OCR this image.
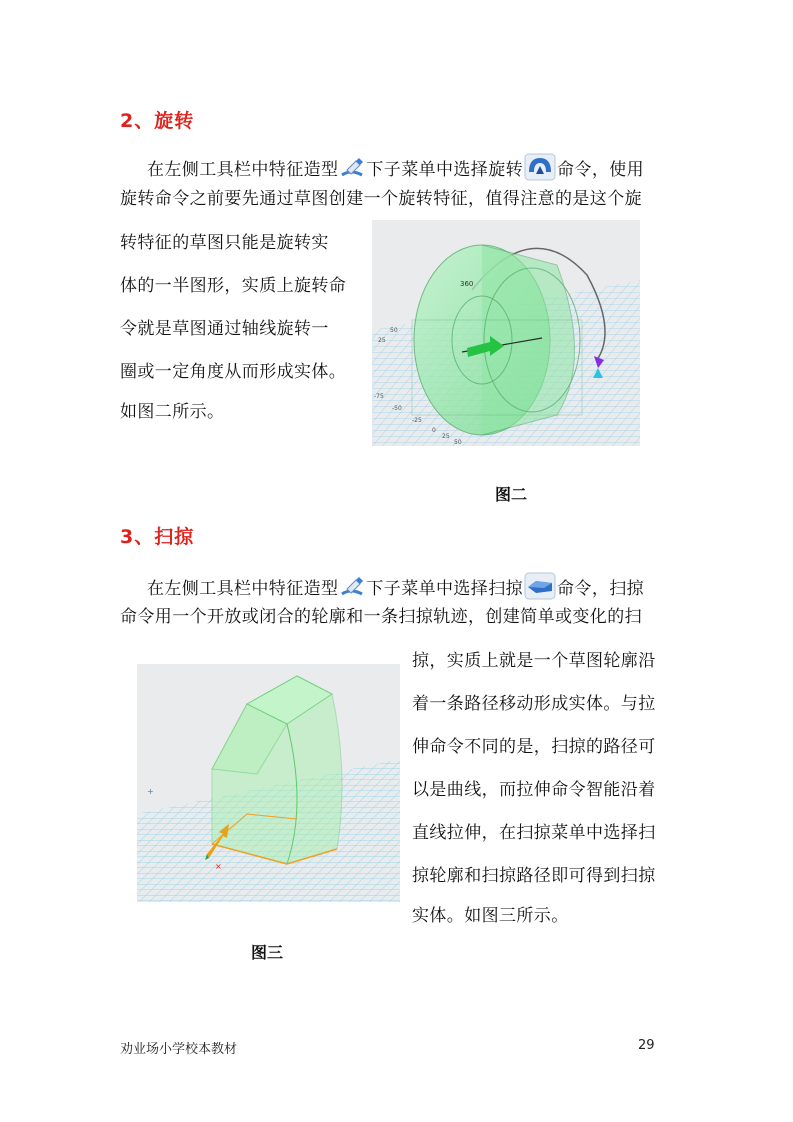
2、旋转
在左侧工具栏中特征造型 下子菜单中选择旋转 命令，使用
旋转命令之前要先通过草图创建一个旋转特征，值得注意的是这个旋
转特征的草图只能是旋转实
体的一半图形，实质上旋转命
令就是草图通过轴线旋转一
圈或一定角度从而形成实体。
如图二所示。
360
50
25
-75
-50
-25
0
25
50
图二
3、扫掠
在左侧工具栏中特征造型 下子菜单中选择扫掠 命令，扫掠
命令用一个开放或闭合的轮廓和一条扫掠轨迹，创建简单或变化的扫
掠，实质上就是一个草图轮廓沿
着一条路径移动形成实体。与拉
伸命令不同的是，扫掠的路径可
以是曲线，而拉伸命令智能沿着
直线拉伸，在扫掠菜单中选择扫
掠轮廓和扫掠路径即可得到扫掠
实体。如图三所示。
×
+
图三
劝业场小学校本教材	29
